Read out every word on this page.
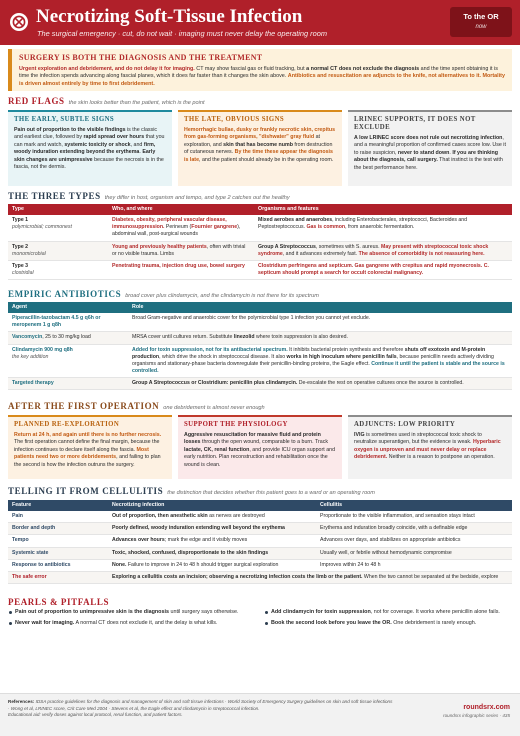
Necrotizing Soft-Tissue Infection
The surgical emergency · cut, do not wait · imaging must never delay the operating room
To the OR
now
SURGERY IS BOTH THE DIAGNOSIS AND THE TREATMENT

Urgent exploration and debridement, and do not delay it for imaging. CT may show fascial gas or fluid tracking, but a normal CT does not exclude the diagnosis and the time spent obtaining it is time the infection spends advancing along fascial planes, which it does far faster than it changes the skin above. Antibiotics and resuscitation are adjuncts to the knife, not alternatives to it. Mortality is driven almost entirely by time to first debridement.

RED FLAGS the skin looks better than the patient, which is the point
THE EARLY, SUBTLE SIGNS

Pain out of proportion to the visible findings is the classic and earliest clue, followed by rapid spread over hours that you can mark and watch, systemic toxicity or shock, and firm, woody induration extending beyond the erythema. Early skin changes are unimpressive because the necrosis is in the fascia, not the dermis.

THE LATE, OBVIOUS SIGNS

Hemorrhagic bullae, dusky or frankly necrotic skin, crepitus from gas-forming organisms, "dishwater" gray fluid at exploration, and skin that has become numb from destruction of cutaneous nerves. By the time these appear the diagnosis is late, and the patient should already be in the operating room.

LRINEC SUPPORTS, IT DOES NOT EXCLUDE

A low LRINEC score does not rule out necrotizing infection, and a meaningful proportion of confirmed cases score low. Use it to raise suspicion, never to stand down. If you are thinking about the diagnosis, call surgery. That instinct is the test with the best performance here.

THE THREE TYPES they differ in host, organism and tempo, and type 2 catches out the healthy
Type	Who, and where	Organisms and features

Type 1
polymicrobial; commonest	Diabetes, obesity, peripheral vascular disease, immunosuppression. Perineum (Fournier gangrene), abdominal wall, post-surgical wounds	Mixed aerobes and anaerobes, including Enterobacterales, streptococci, Bacteroides and Peptostreptococcus. Gas is common, from anaerobic fermentation.

Type 2
monomicrobial	Young and previously healthy patients, often with trivial or no visible trauma. Limbs	Group A Streptococcus, sometimes with S. aureus. May present with streptococcal toxic shock syndrome, and it advances extremely fast. The absence of comorbidity is not reassuring here.

Type 3
clostridial	Penetrating trauma, injection drug use, bowel surgery	Clostridium perfringens and septicum. Gas gangrene with crepitus and rapid myonecrosis. C. septicum should prompt a search for occult colorectal malignancy.
EMPIRIC ANTIBIOTICS broad cover plus clindamycin, and the clindamycin is not there for its spectrum
Agent	Role
Piperacillin-tazobactam 4.5 g q6h or meropenem 1 g q8h	Broad Gram-negative and anaerobic cover for the polymicrobial type 1 infection you cannot yet exclude.
Vancomycin, 25 to 30 mg/kg load	MRSA cover until cultures return. Substitute linezolid where toxin suppression is also desired.
Clindamycin 900 mg q8h
the key addition	Added for toxin suppression, not for its antibacterial spectrum. It inhibits bacterial protein synthesis and therefore shuts off exotoxin and M-protein production, which drive the shock in streptococcal disease. It also works in high inoculum where penicillin fails, because penicillin needs actively dividing organisms and stationary-phase bacteria downregulate their penicillin-binding proteins, the Eagle effect. Continue it until the patient is stable and the source is controlled.
Targeted therapy	Group A Streptococcus or Clostridium: penicillin plus clindamycin. De-escalate the rest on operative cultures once the source is controlled.
AFTER THE FIRST OPERATION one debridement is almost never enough
PLANNED RE-EXPLORATION

Return at 24 h, and again until there is no further necrosis. The first operation cannot define the final margin, because the infection continues to declare itself along the fascia. Most patients need two or more debridements, and failing to plan the second is how the infection outruns the surgery.

SUPPORT THE PHYSIOLOGY

Aggressive resuscitation for massive fluid and protein losses through the open wound, comparable to a burn. Track lactate, CK, renal function, and provide ICU organ support and early nutrition. Plan reconstruction and rehabilitation once the wound is clean.

ADJUNCTS: LOW PRIORITY

IVIG is sometimes used in streptococcal toxic shock to neutralize superantigen, but the evidence is weak. Hyperbaric oxygen is unproven and must never delay or replace debridement. Neither is a reason to postpone an operation.

TELLING IT FROM CELLULITIS the distinction that decides whether this patient goes to a ward or an operating room
Feature	Necrotizing infection	Cellulitis
Pain	Out of proportion, then anesthetic skin as nerves are destroyed	Proportionate to the visible inflammation, and sensation stays intact
Border and depth	Poorly defined, woody induration extending well beyond the erythema	Erythema and induration broadly coincide, with a definable edge
Tempo	Advances over hours; mark the edge and it visibly moves	Advances over days, and stabilizes on appropriate antibiotics
Systemic state	Toxic, shocked, confused, disproportionate to the skin findings	Usually well, or febrile without hemodynamic compromise
Response to antibiotics	None. Failure to improve in 24 to 48 h should trigger surgical exploration	Improves within 24 to 48 h
The safe error	Exploring a cellulitis costs an incision; observing a necrotizing infection costs the limb or the patient. When the two cannot be separated at the bedside, explore	
PEARLS & PITFALLS
Pain out of proportion to unimpressive skin is the diagnosis until surgery says otherwise.
Never wait for imaging. A normal CT does not exclude it, and the delay is what kills.
Add clindamycin for toxin suppression, not for coverage. It works where penicillin alone fails.
Book the second look before you leave the OR. One debridement is rarely enough.
References: IDSA practice guidelines for the diagnosis and management of skin and soft tissue infections · World Society of Emergency Surgery guidelines on skin and soft tissue infections · Wong et al, LRINEC score, Crit Care Med 2004 · Stevens et al, the Eagle effect and clindamycin in streptococcal infection.
Educational aid: verify doses against local protocol, renal function, and patient factors.
roundsrx.com
roundsrx infographic series · 435
